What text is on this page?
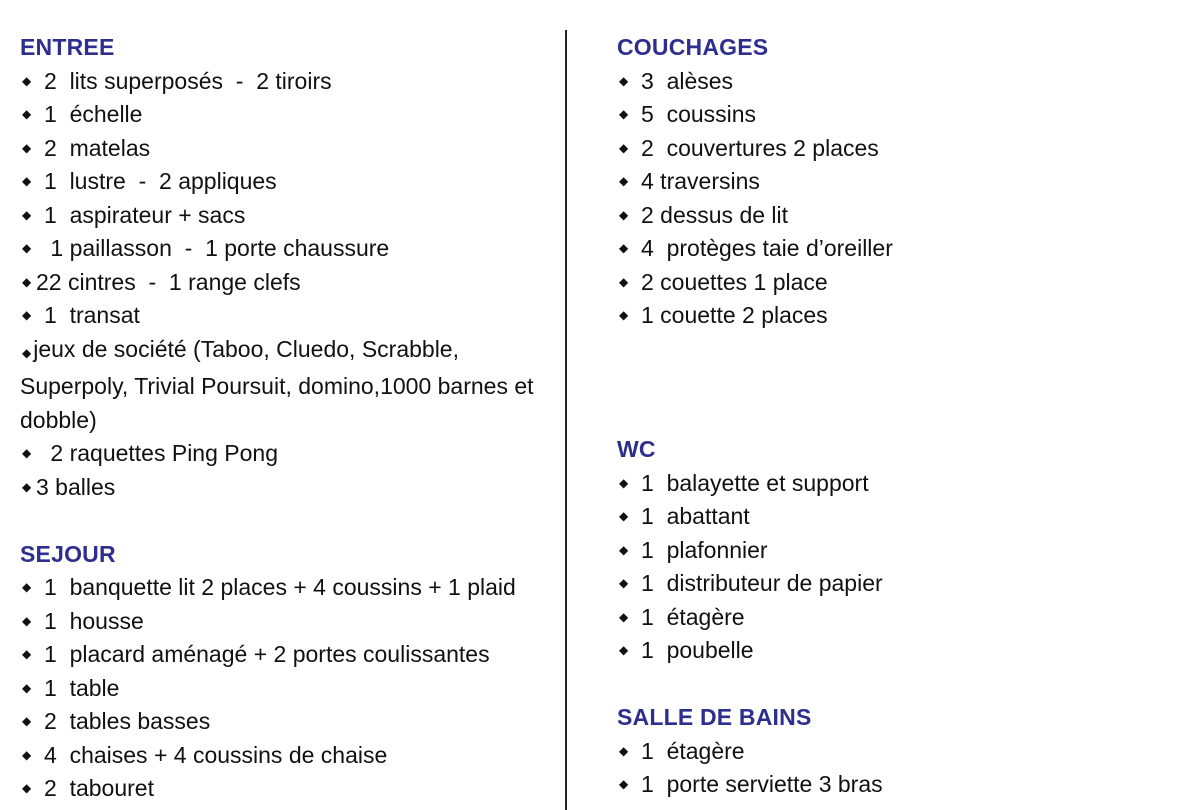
ENTREE
◆ 2  lits superposés  -  2 tiroirs
◆ 1  échelle
◆ 2  matelas
◆ 1  lustre  -  2 appliques
◆ 1  aspirateur + sacs
◆ 1 paillasson  -  1 porte chaussure
◆ 22 cintres  -  1 range clefs
◆ 1  transat
◆jeux de société (Taboo, Cluedo, Scrabble, Superpoly, Trivial Poursuit, domino,1000 barnes et dobble)
◆ 2 raquettes Ping Pong
◆ 3 balles
SEJOUR
◆ 1  banquette lit 2 places + 4 coussins + 1 plaid
◆ 1  housse
◆ 1  placard aménagé + 2 portes coulissantes
◆ 1  table
◆ 2  tables basses
◆ 4  chaises + 4 coussins de chaise
◆ 2  tabouret
COUCHAGES
◆ 3  alèses
◆ 5  coussins
◆ 2  couvertures 2 places
◆ 4 traversins
◆ 2 dessus de lit
◆ 4  protèges taie d’oreiller
◆ 2 couettes 1 place
◆ 1 couette 2 places
WC
◆ 1  balayette et support
◆ 1  abattant
◆ 1  plafonnier
◆ 1  distributeur de papier
◆ 1  étagère
◆ 1  poubelle
SALLE DE BAINS
◆ 1  étagère
◆ 1  porte serviette 3 bras
